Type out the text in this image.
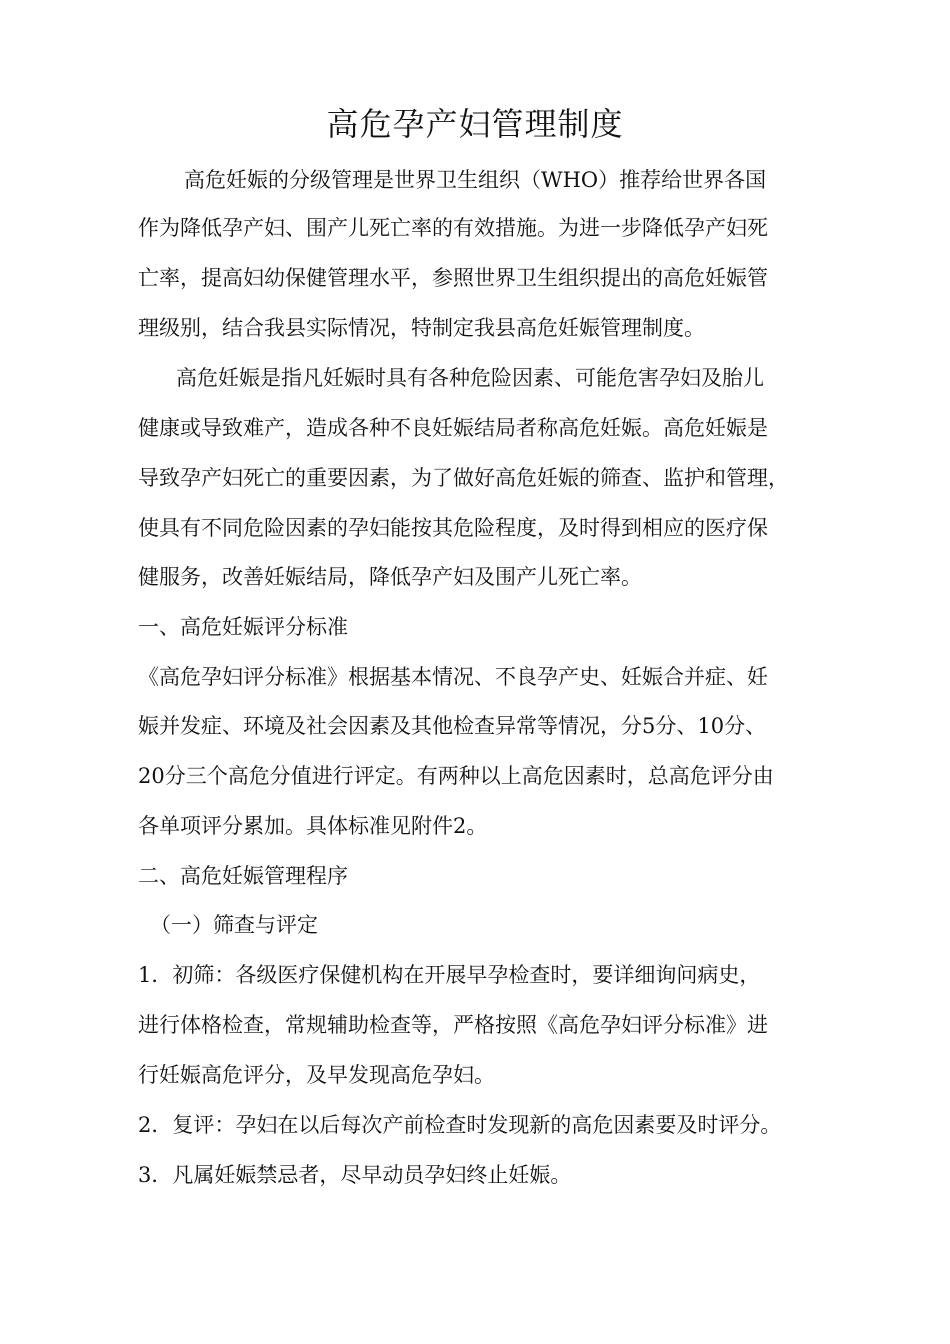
高危孕产妇管理制度
高危妊娠的分级管理是世界卫生组织（WHO）推荐给世界各国
作为降低孕产妇、围产儿死亡率的有效措施。为进一步降低孕产妇死
亡率，提高妇幼保健管理水平，参照世界卫生组织提出的高危妊娠管
理级别，结合我县实际情况，特制定我县高危妊娠管理制度。
高危妊娠是指凡妊娠时具有各种危险因素、可能危害孕妇及胎儿
健康或导致难产，造成各种不良妊娠结局者称高危妊娠。高危妊娠是
导致孕产妇死亡的重要因素，为了做好高危妊娠的筛查、监护和管理，
使具有不同危险因素的孕妇能按其危险程度，及时得到相应的医疗保
健服务，改善妊娠结局，降低孕产妇及围产儿死亡率。
一、高危妊娠评分标准
《高危孕妇评分标准》根据基本情况、不良孕产史、妊娠合并症、妊
娠并发症、环境及社会因素及其他检查异常等情况，分5分、10分、
20分三个高危分值进行评定。有两种以上高危因素时，总高危评分由
各单项评分累加。具体标准见附件2。
二、高危妊娠管理程序
（一）筛查与评定
1．初筛：各级医疗保健机构在开展早孕检查时，要详细询问病史，
进行体格检查，常规辅助检查等，严格按照《高危孕妇评分标准》进
行妊娠高危评分，及早发现高危孕妇。
2．复评：孕妇在以后每次产前检查时发现新的高危因素要及时评分。
3．凡属妊娠禁忌者，尽早动员孕妇终止妊娠。
